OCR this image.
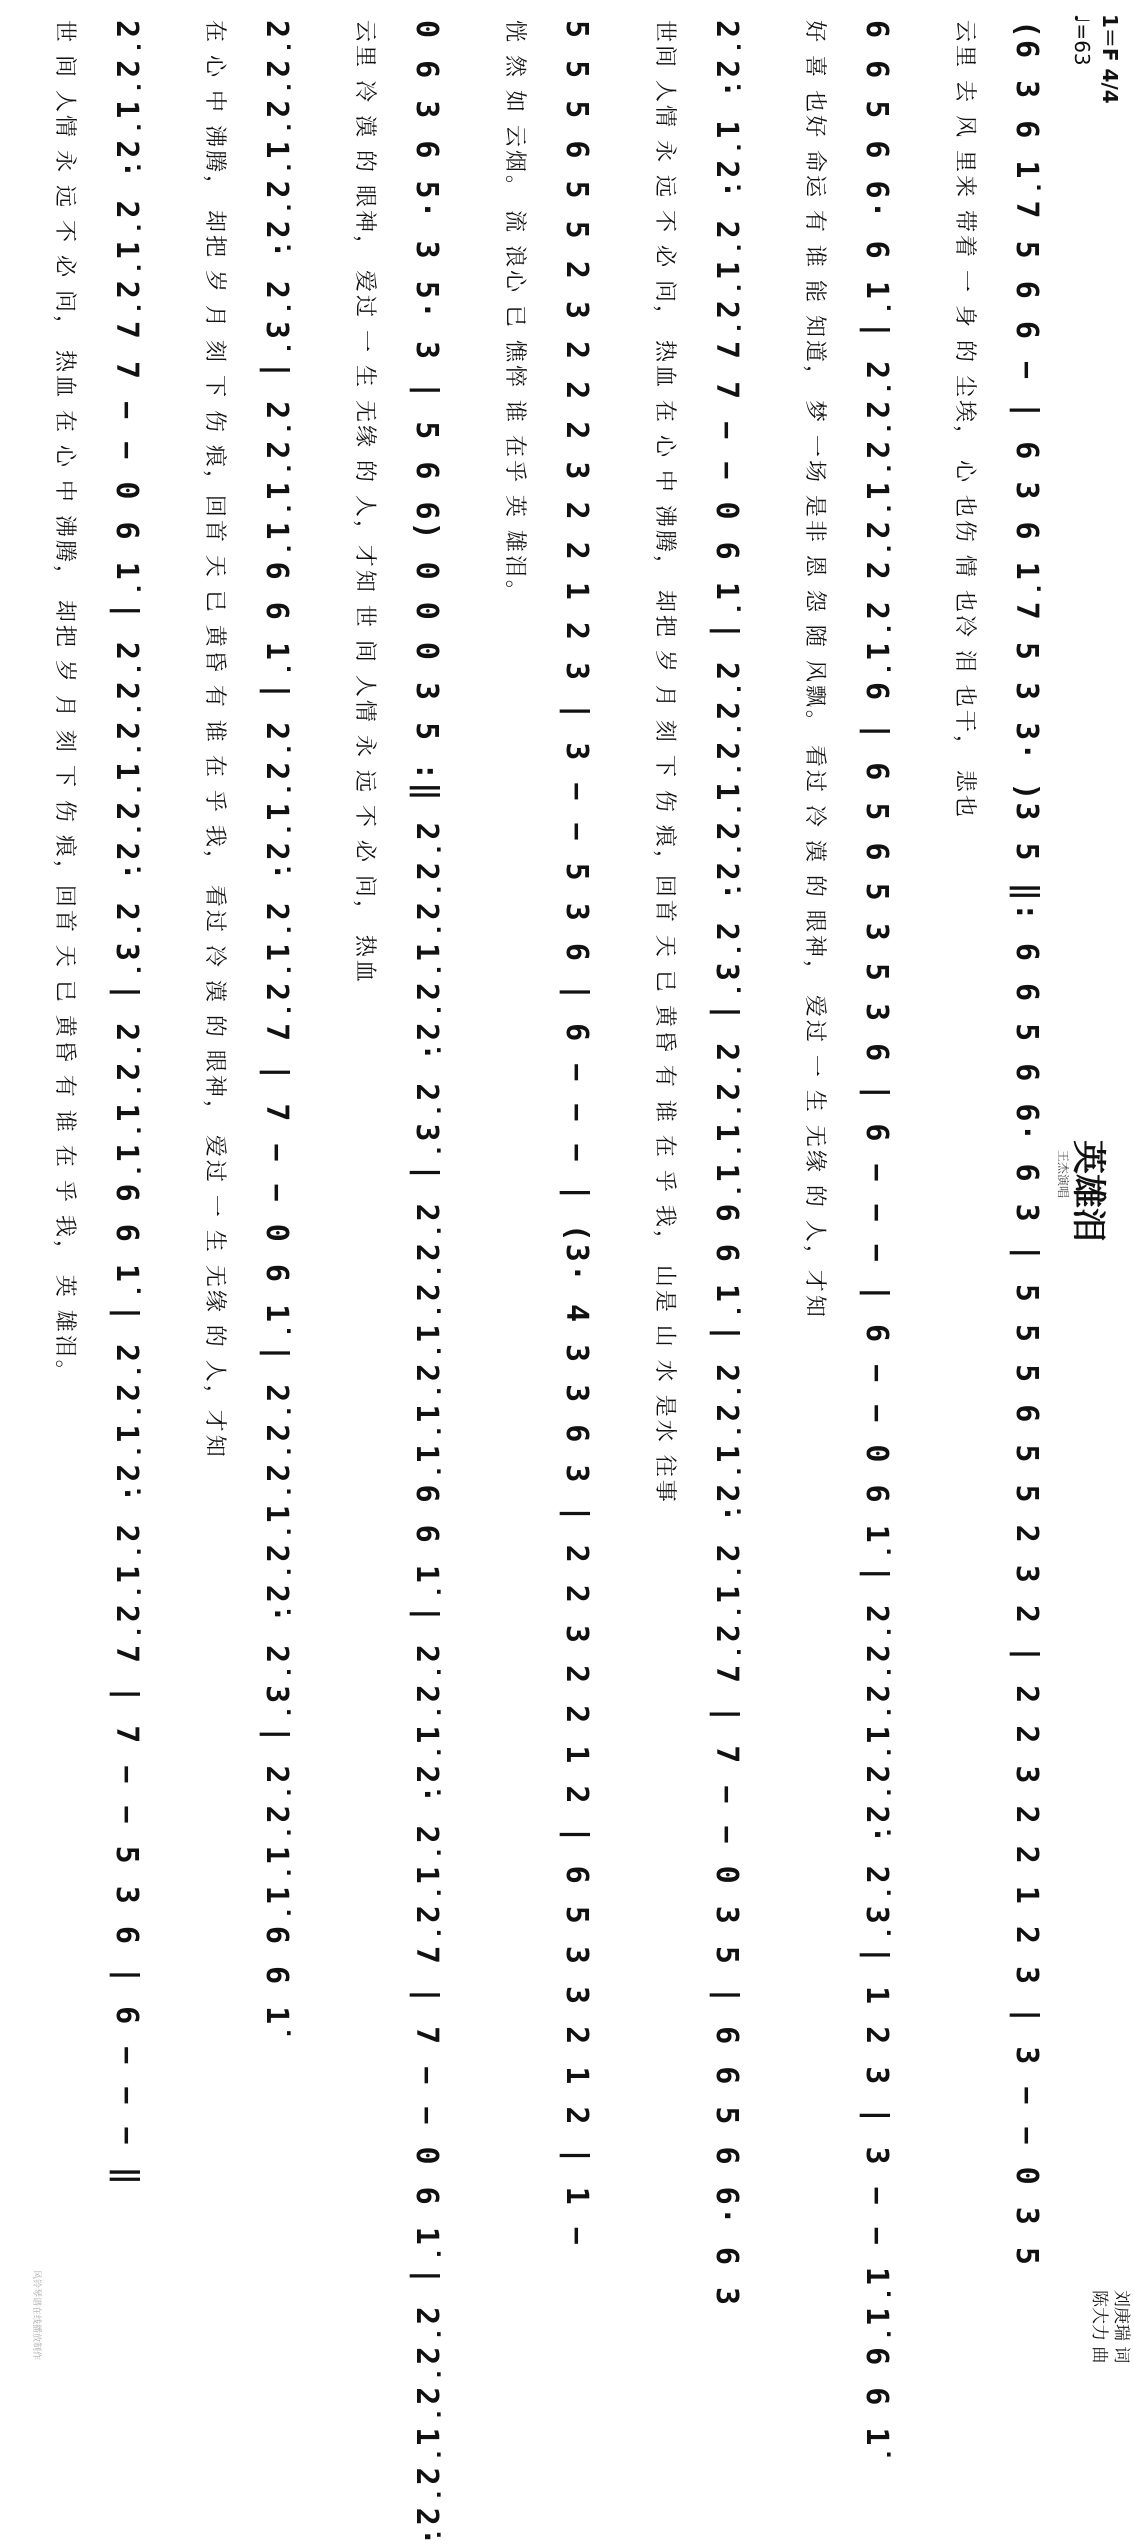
1＝F 4/4
♩=63
英雄泪
王杰演唱
刘庚瑞 词
陈大力 曲
风铃琴谱在线播放制作
(6 3 6 1̇ 7 5 6 6 − | 6 3 6 1̇ 7 5 3 3· )3 5 ‖: 6 6 5 6 6· 6 3 | 5 5 5 6 5 5 2 3 2 | 2 2 3 2 2 1 2 3 | 3 − − 0 3 5
云里 去 风 里来 带着 一 身 的 尘埃， 心 也伤 情 也冷 泪 也干， 悲也
6 6 5 6 6· 6 1̇ | 2̇ 2̇ 2̇ 1̇ 2̇ 2 2̇ 1̇ 6 | 6 5 6 5 3 5 3 6 | 6 − − − | 6 − − 0 6 1̇ | 2̇ 2̇ 2̇ 1̇ 2̇ 2̇· 2̇ 3̇ | 1 2 3 | 3 − − 1̇ 1̇ 6 6 1̇
好 喜 也好 命运 有 谁 能 知道， 梦 一场 是非 恩 怨 随 风飘。 看过 冷 漠 的 眼神， 爱过 一 生 无缘 的 人，才知
2̇ 2̇· 1̇ 2̇· 2̇ 1̇ 2̇ 7 7 − − 0 6 1̇ | 2̇ 2̇ 2̇ 1̇ 2̇ 2̇· 2̇ 3̇ | 2̇ 2̇ 1̇ 1̇ 6 6 1̇ | 2̇ 2̇ 1̇ 2̇· 2̇ 1̇ 2̇ 7 | 7 − − 0 3 5 | 6 6 5 6 6· 6 3
世间 人情 永 远 不 必 问， 热血 在 心 中 沸腾， 却把 岁 月 刻 下 伤 痕，回首 天 已 黄昏 有 谁 在 乎 我， 山是 山 水 是水 往事
5 5 5 6 5 5 2 3 2 2 2 3 2 2 1 2 3 | 3 − − 5 3 6 | 6 − − − | (3· 4 3 3 6 3 | 2 2 3 2 2 1 2 | 6 5 3 3 2 1 2 | 1 −
恍 然 如 云烟。 流 浪心 已 憔悴 谁 在乎 英 雄泪。
0 6 3 6 5· 3 5· 3 | 5 6 6) 0 0 0 3 5 :‖ 2̇ 2̇ 2̇ 1̇ 2̇ 2̇· 2̇ 3̇ | 2̇ 2̇ 2̇ 1̇ 2̇ 1̇ 1̇ 6 6 1̇ | 2̇ 2̇ 1̇ 2̇· 2̇ 1̇ 2̇ 7 | 7 − − 0 6 1̇ | 2̇ 2̇ 2̇ 1̇ 2̇ 2̇·
云里 冷 漠 的 眼神， 爱过 一 生 无缘 的 人，才知 世 间 人情 永 远 不 必 问， 热血
2̇ 2̇ 2̇ 1̇ 2̇ 2̇· 2̇ 3̇ | 2̇ 2̇ 1̇ 1̇ 6 6 1̇ | 2̇ 2̇ 1̇ 2̇· 2̇ 1̇ 2̇ 7 | 7 − − 0 6 1̇ | 2̇ 2̇ 2̇ 1̇ 2̇ 2̇· 2̇ 3̇ | 2̇ 2̇ 1̇ 1̇ 6 6 1̇
在 心 中 沸腾， 却把 岁 月 刻 下 伤 痕，回首 天 已 黄昏 有 谁 在 乎 我， 看过 冷 漠 的 眼神， 爱过 一 生 无缘 的 人，才知
2̇ 2̇ 1̇ 2̇· 2̇ 1̇ 2̇ 7 7 − − 0 6 1̇ | 2̇ 2̇ 2̇ 1̇ 2̇ 2̇· 2̇ 3̇ | 2̇ 2̇ 1̇ 1̇ 6 6 1̇ | 2̇ 2̇ 1̇ 2̇· 2̇ 1̇ 2̇ 7 | 7 − − 5 3 6 | 6 − − − ‖
世 间 人情 永 远 不 必 问， 热血 在 心 中 沸腾， 却把 岁 月 刻 下 伤 痕，回首 天 已 黄昏 有 谁 在 乎 我， 英 雄泪。
